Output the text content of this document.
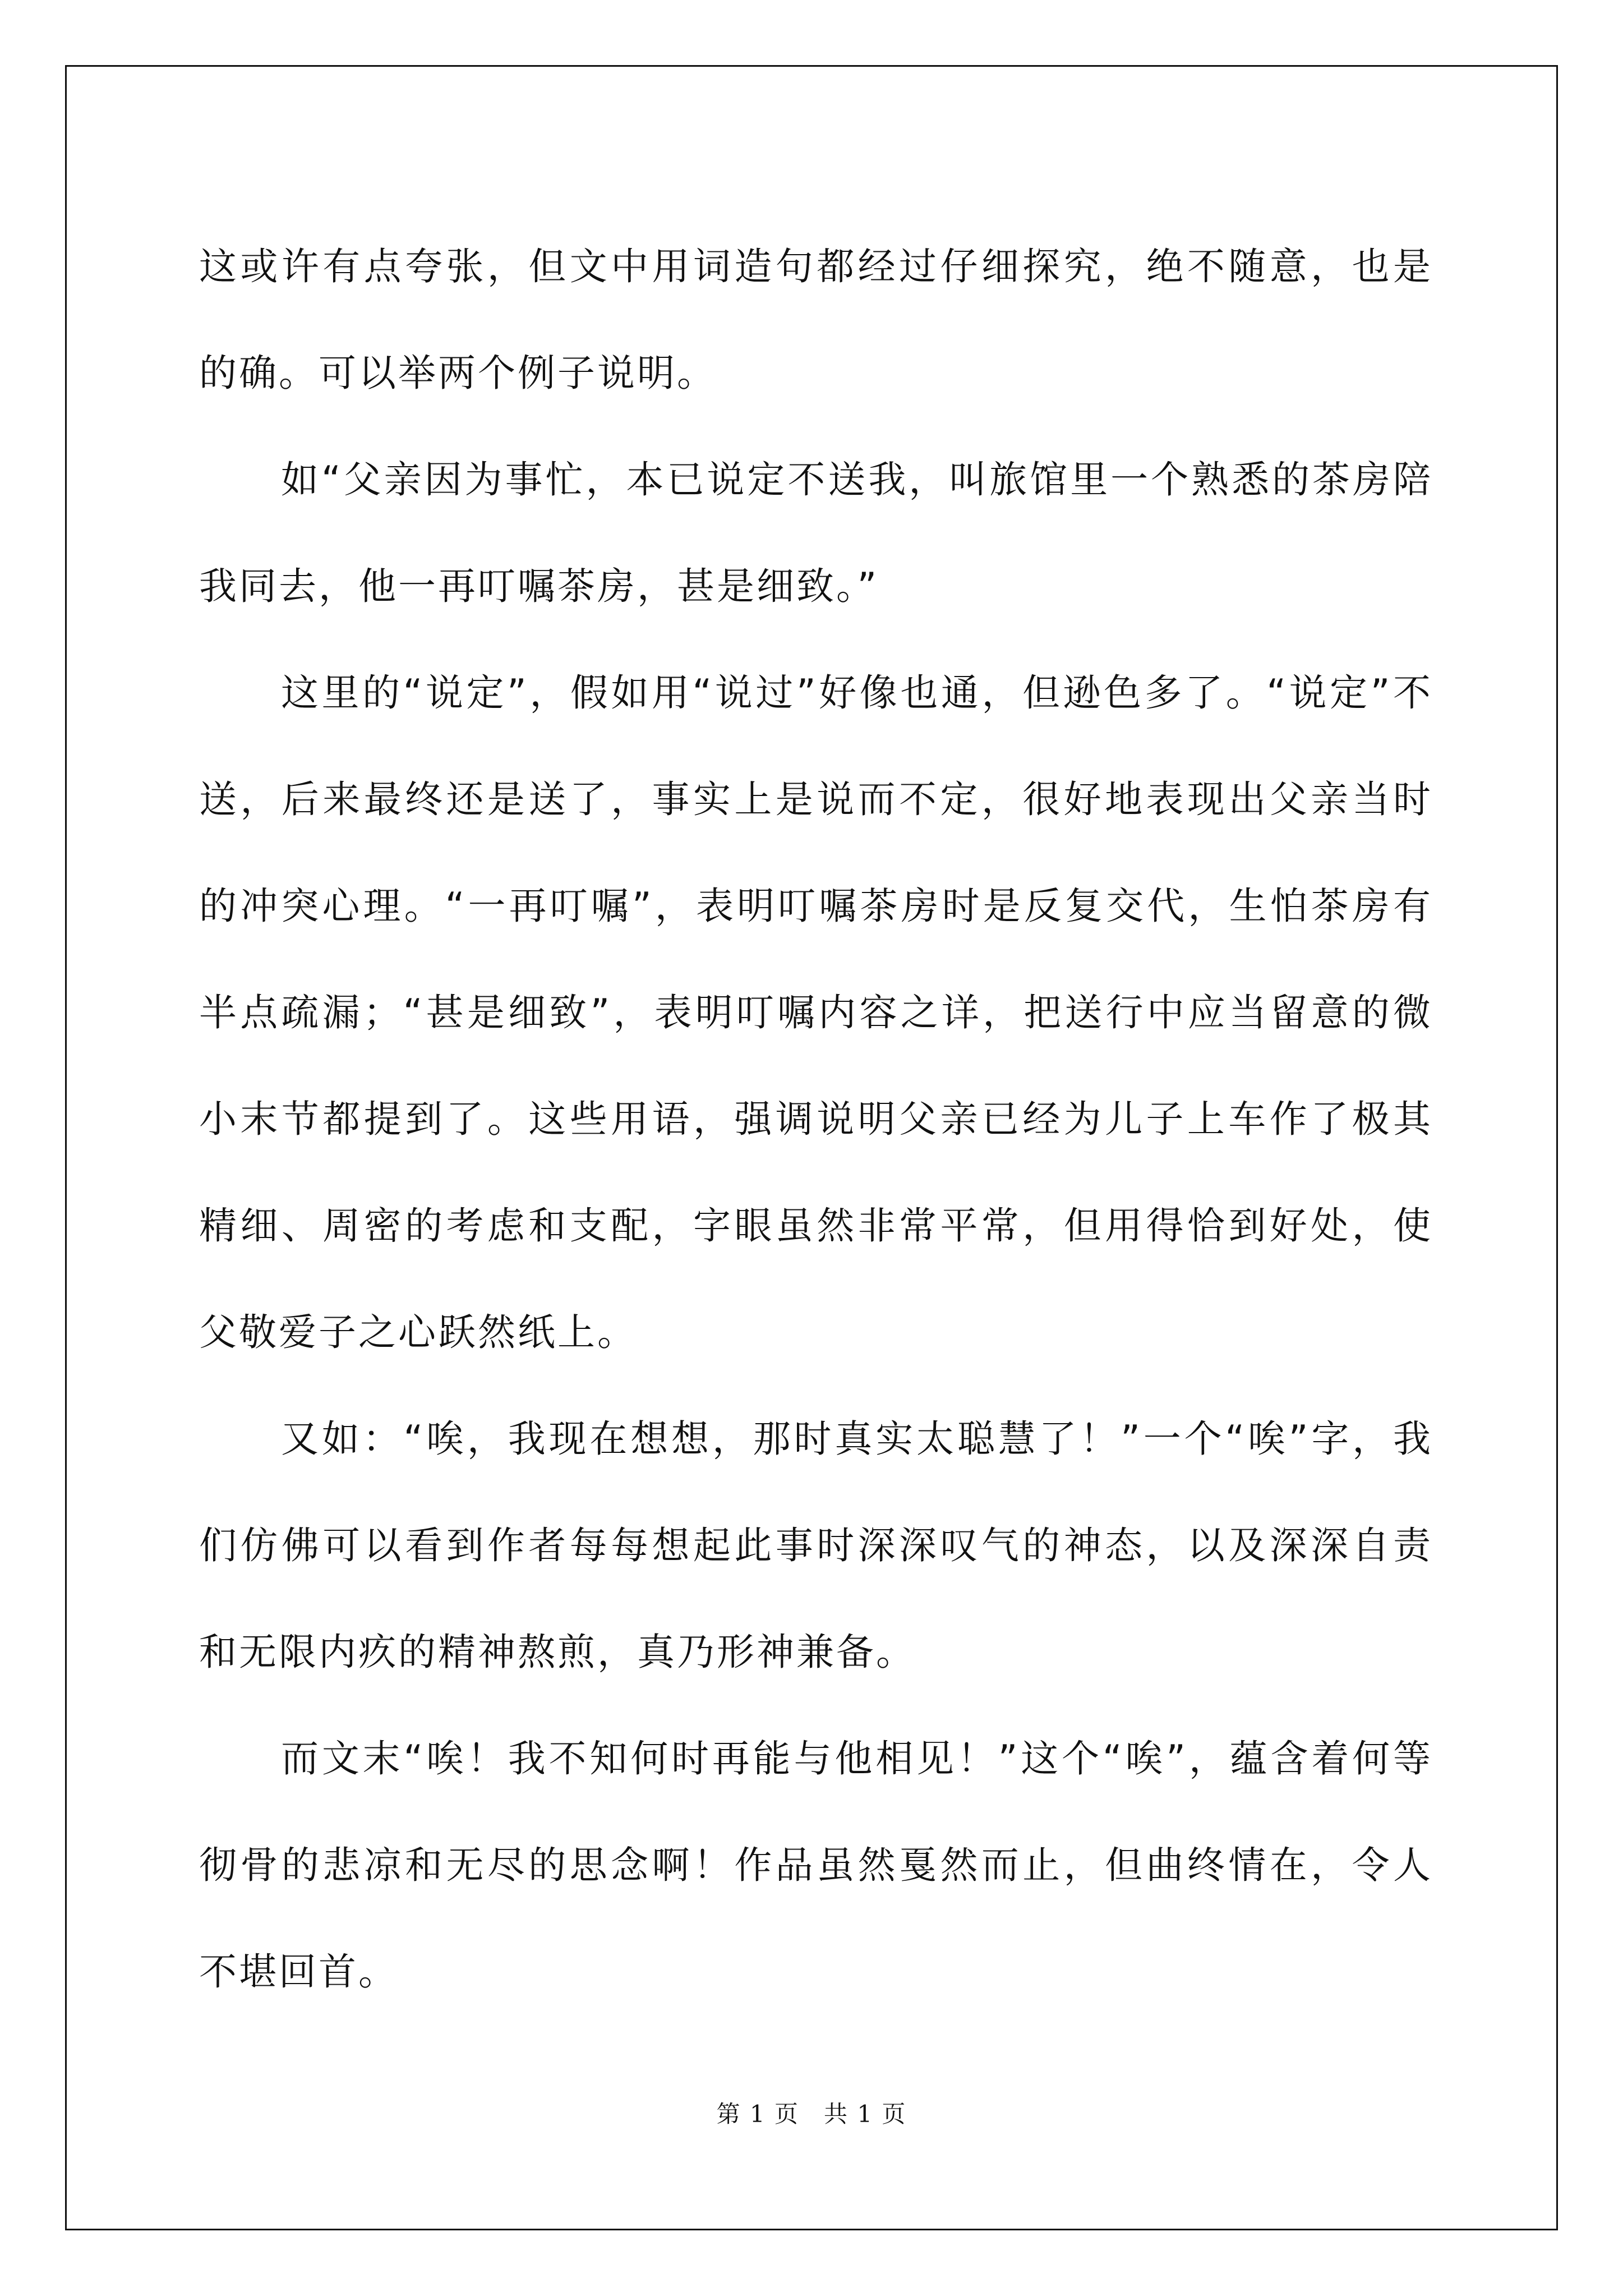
这或许有点夸张，但文中用词造句都经过仔细探究，绝不随意，也是的确。可以举两个例子说明。

如“父亲因为事忙，本已说定不送我，叫旅馆里一个熟悉的茶房陪我同去，他一再叮嘱茶房，甚是细致。”

这里的“说定”，假如用“说过”好像也通，但逊色多了。“说定”不送，后来最终还是送了，事实上是说而不定，很好地表现出父亲当时的冲突心理。“一再叮嘱”，表明叮嘱茶房时是反复交代，生怕茶房有半点疏漏；“甚是细致”，表明叮嘱内容之详，把送行中应当留意的微小末节都提到了。这些用语，强调说明父亲已经为儿子上车作了极其精细、周密的考虑和支配，字眼虽然非常平常，但用得恰到好处，使父敬爱子之心跃然纸上。

又如：“唉，我现在想想，那时真实太聪慧了！”一个“唉”字，我们仿佛可以看到作者每每想起此事时深深叹气的神态，以及深深自责和无限内疚的精神熬煎，真乃形神兼备。

而文末“唉！我不知何时再能与他相见！”这个“唉”，蕴含着何等彻骨的悲凉和无尽的思念啊！作品虽然戛然而止，但曲终情在，令人不堪回首。

第 1 页　共 1 页
